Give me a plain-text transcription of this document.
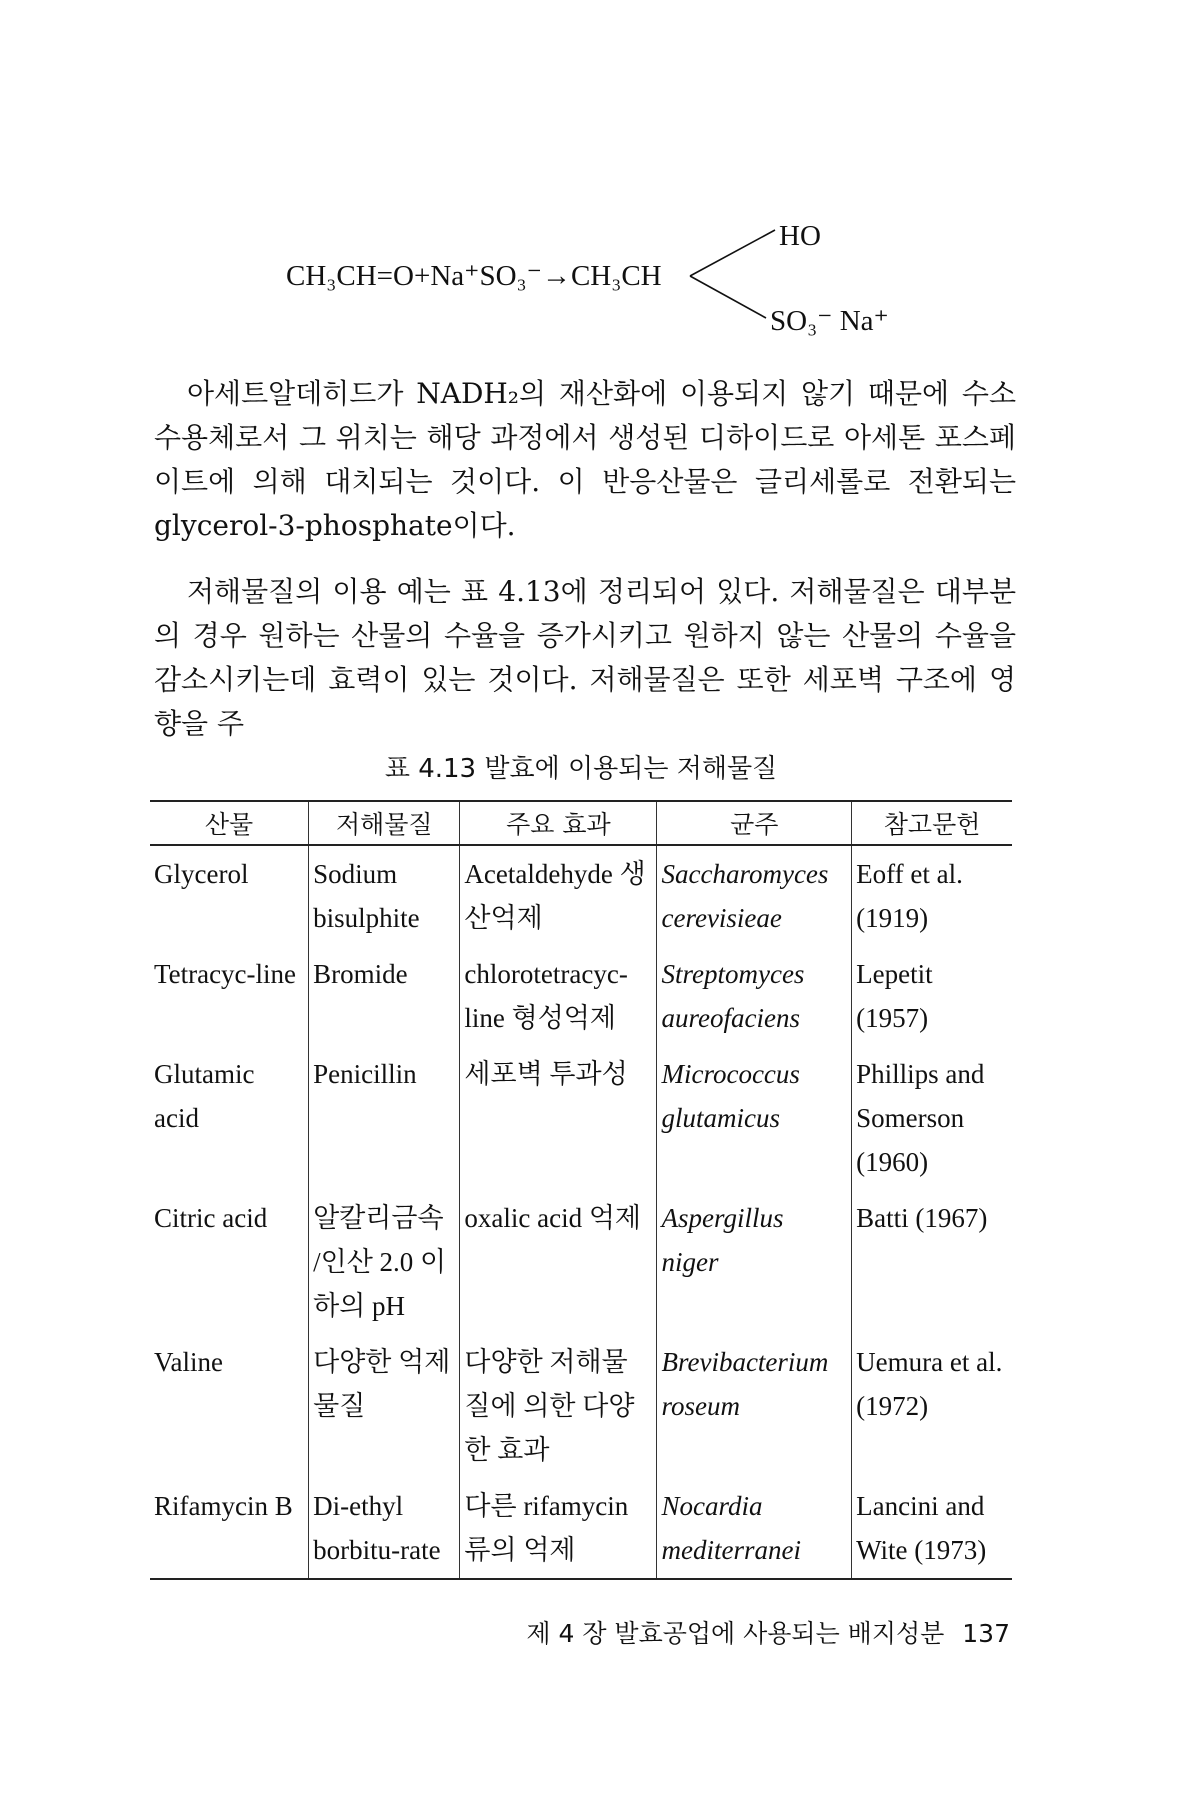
CH₃CH=O+Na⁺SO₃⁻→CH₃CH
HO
SO₃⁻ Na⁺

아세트알데히드가 NADH₂의 재산화에 이용되지 않기 때문에 수소수용체로서 그 위치는 해당 과정에서 생성된 디하이드로 아세톤 포스페이트에 의해 대치되는 것이다. 이 반응산물은 글리세롤로 전환되는 glycerol-3-phosphate이다.

저해물질의 이용 예는 표 4.13에 정리되어 있다. 저해물질은 대부분의 경우 원하는 산물의 수율을 증가시키고 원하지 않는 산물의 수율을 감소시키는데 효력이 있는 것이다. 저해물질은 또한 세포벽 구조에 영향을 주

표 4.13 발효에 이용되는 저해물질
산물	저해물질	주요 효과	균주	참고문헌
Glycerol	Sodium bisulphite	Acetaldehyde 생산억제	Saccharomyces cerevisieae	Eoff et al. (1919)
Tetracyc-line	Bromide	chlorotetracyc-line 형성억제	Streptomyces aureofaciens	Lepetit (1957)
Glutamic acid	Penicillin	세포벽 투과성	Micrococcus glutamicus	Phillips and Somerson (1960)
Citric acid	알칼리금속 /인산 2.0 이하의 pH	oxalic acid 억제	Aspergillus niger	Batti (1967)
Valine	다양한 억제물질	다양한 저해물질에 의한 다양한 효과	Brevibacterium roseum	Uemura et al. (1972)
Rifamycin B	Di-ethyl borbitu-rate	다른 rifamycin 류의 억제	Nocardia mediterranei	Lancini and Wite (1973)
제 4 장 발효공업에 사용되는 배지성분 137
